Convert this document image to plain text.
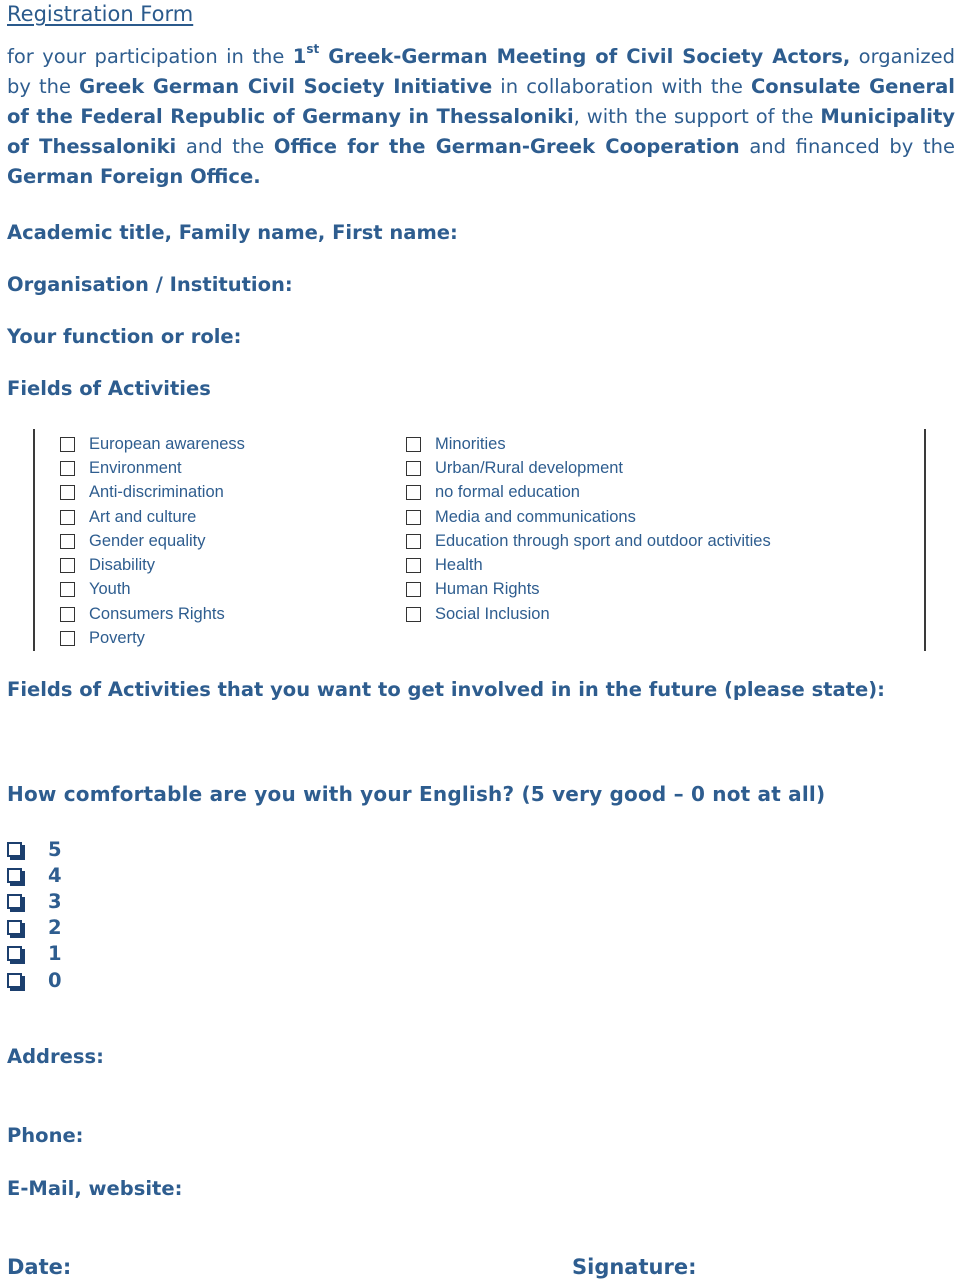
Registration Form
for your participation in the 1st Greek-German Meeting of Civil Society Actors, organized by the Greek German Civil Society Initiative in collaboration with the Consulate General of the Federal Republic of Germany in Thessaloniki, with the support of the Municipality of Thessaloniki and the Office for the German-Greek Cooperation and financed by the German Foreign Office.
Academic title, Family name, First name:
Organisation / Institution:
Your function or role:
Fields of Activities
European awareness
Environment
Anti-discrimination
Art and culture
Gender equality
Disability
Youth
Consumers Rights
Poverty
Minorities
Urban/Rural development
no formal education
Media and communications
Education through sport and outdoor activities
Health
Human Rights
Social Inclusion
Fields of Activities that you want to get involved in in the future (please state):
How comfortable are you with your English? (5 very good – 0 not at all)
5
4
3
2
1
0
Address:
Phone:
E-Mail, website:
Date:	Signature:
